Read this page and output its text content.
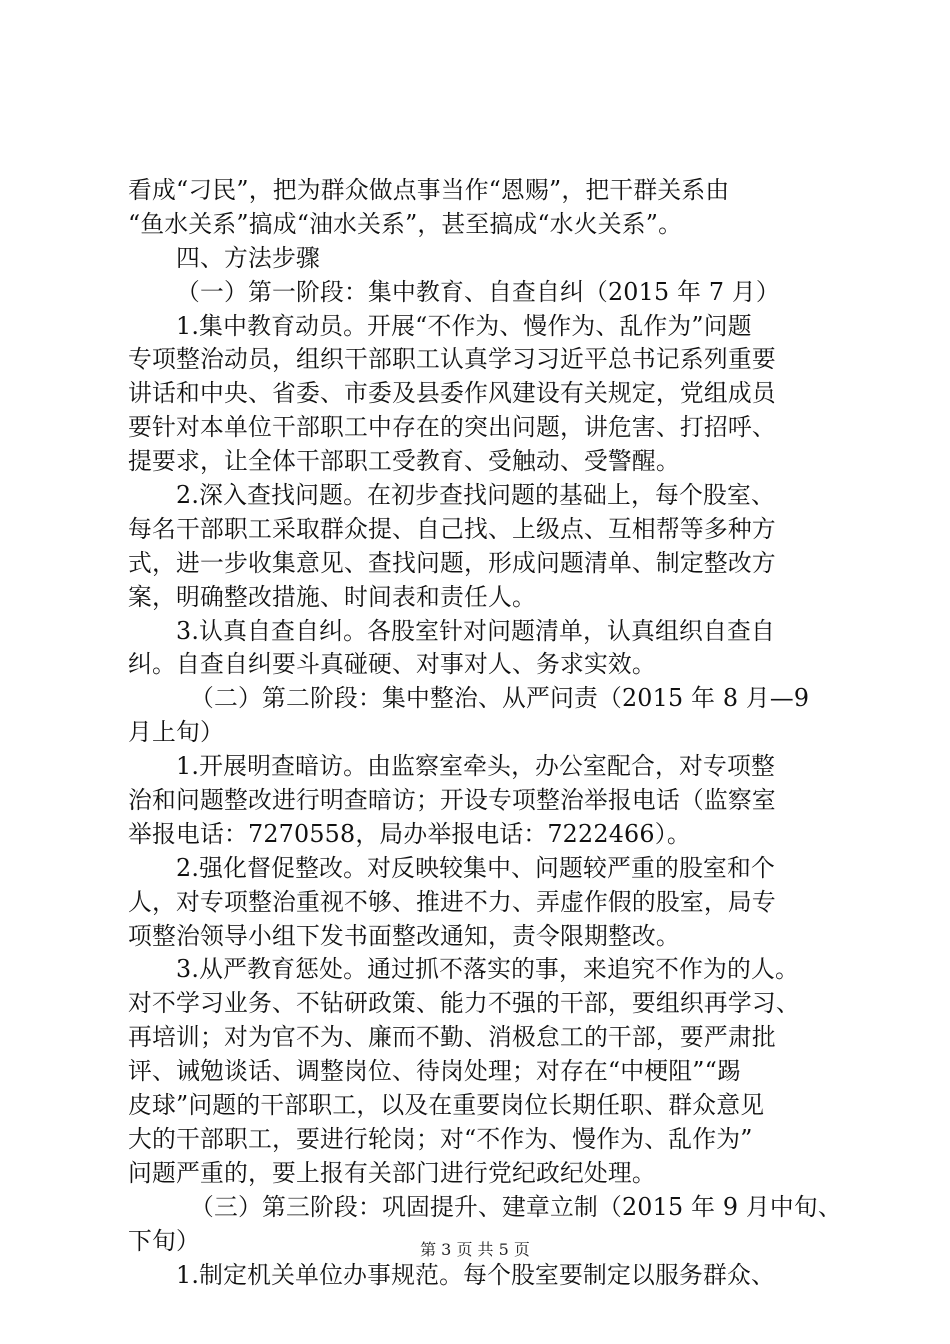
看成“刁民”，把为群众做点事当作“恩赐”，把干群关系由
“鱼水关系”搞成“油水关系”，甚至搞成“水火关系”。
四、方法步骤
（一）第一阶段：集中教育、自查自纠（2015 年 7 月）
1.集中教育动员。开展“不作为、慢作为、乱作为”问题
专项整治动员，组织干部职工认真学习习近平总书记系列重要
讲话和中央、省委、市委及县委作风建设有关规定，党组成员
要针对本单位干部职工中存在的突出问题，讲危害、打招呼、
提要求，让全体干部职工受教育、受触动、受警醒。
2.深入查找问题。在初步查找问题的基础上，每个股室、
每名干部职工采取群众提、自己找、上级点、互相帮等多种方
式，进一步收集意见、查找问题，形成问题清单、制定整改方
案，明确整改措施、时间表和责任人。
3.认真自查自纠。各股室针对问题清单，认真组织自查自
纠。自查自纠要斗真碰硬、对事对人、务求实效。
（二）第二阶段：集中整治、从严问责（2015 年 8 月—9
月上旬）
1.开展明查暗访。由监察室牵头，办公室配合，对专项整
治和问题整改进行明查暗访；开设专项整治举报电话（监察室
举报电话：7270558，局办举报电话：7222466）。
2.强化督促整改。对反映较集中、问题较严重的股室和个
人，对专项整治重视不够、推进不力、弄虚作假的股室，局专
项整治领导小组下发书面整改通知，责令限期整改。
3.从严教育惩处。通过抓不落实的事，来追究不作为的人。
对不学习业务、不钻研政策、能力不强的干部，要组织再学习、
再培训；对为官不为、廉而不勤、消极怠工的干部，要严肃批
评、诫勉谈话、调整岗位、待岗处理；对存在“中梗阻”“踢
皮球”问题的干部职工，以及在重要岗位长期任职、群众意见
大的干部职工，要进行轮岗；对“不作为、慢作为、乱作为”
问题严重的，要上报有关部门进行党纪政纪处理。
（三）第三阶段：巩固提升、建章立制（2015 年 9 月中旬、
下旬）
1.制定机关单位办事规范。每个股室要制定以服务群众、
第 3 页 共 5 页
